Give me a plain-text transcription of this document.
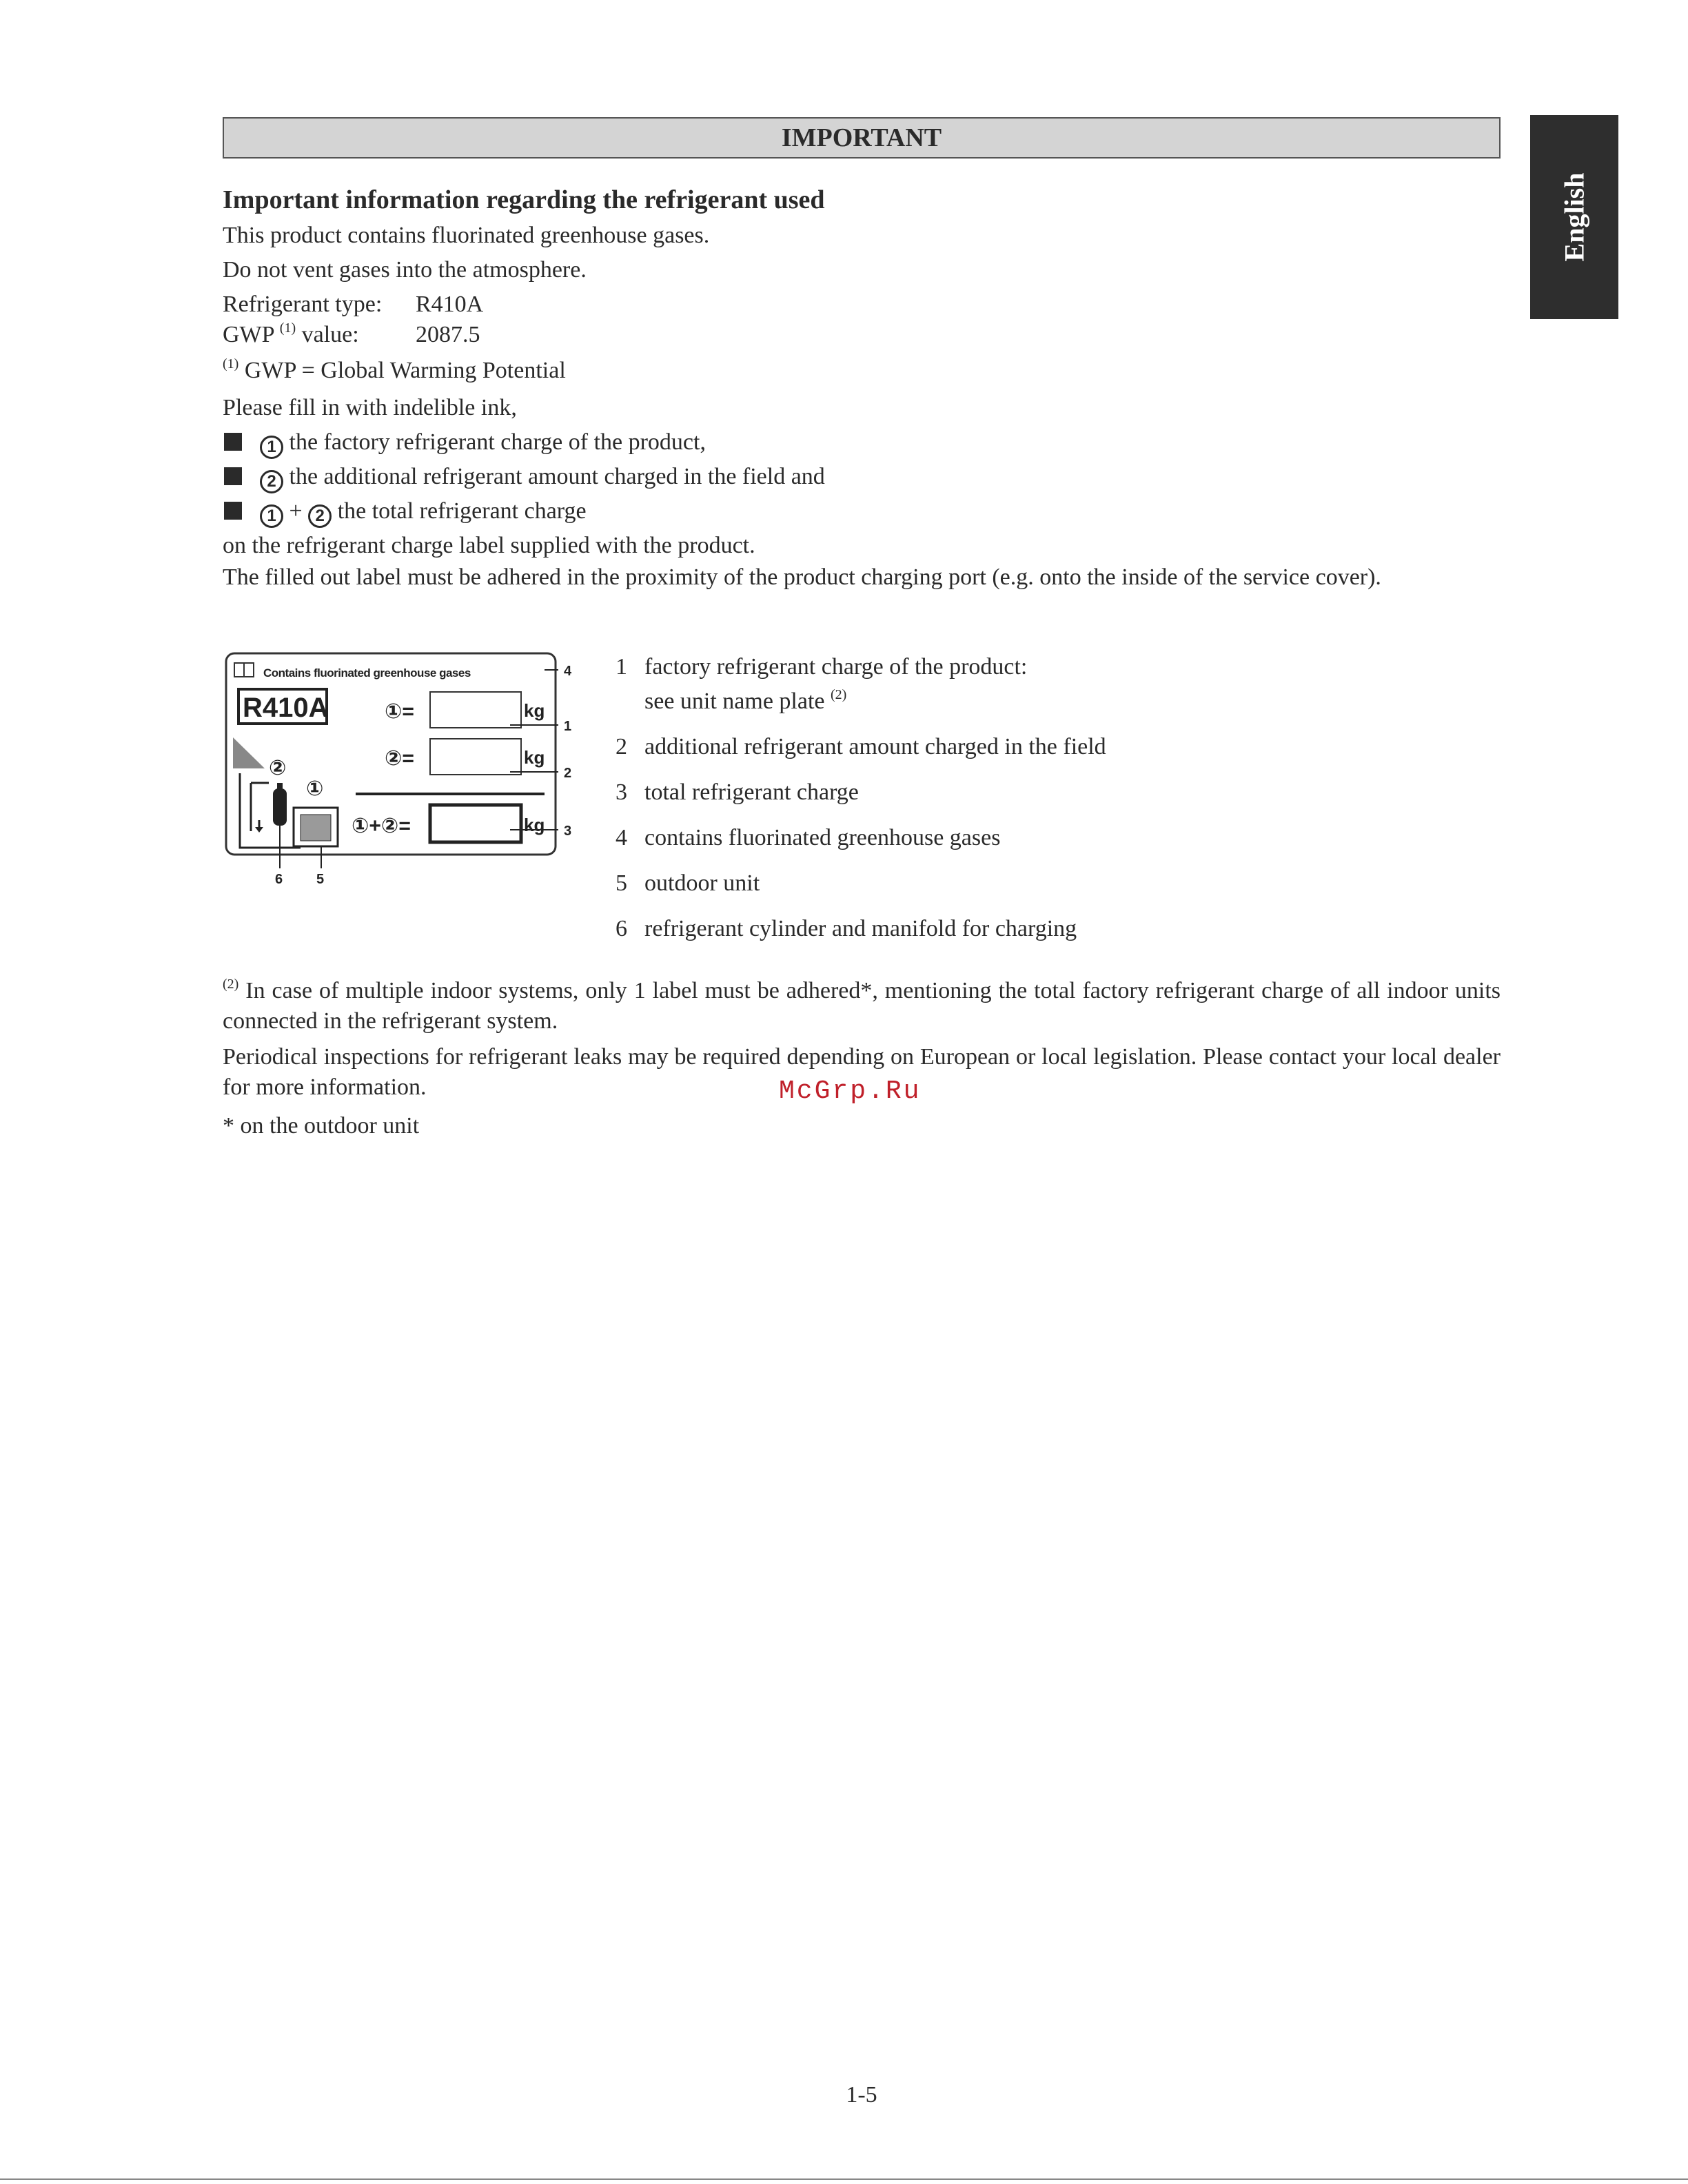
IMPORTANT
English
Important information regarding the refrigerant used
This product contains fluorinated greenhouse gases.
Do not vent gases into the atmosphere.
Refrigerant type: R410A
GWP $^{(1)}$ value: 2087.5
$^{(1)}$ GWP = Global Warming Potential
Please fill in with indelible ink,
1 the factory refrigerant charge of the product,
2 the additional refrigerant amount charged in the field and
1 + 2 the total refrigerant charge
on the refrigerant charge label supplied with the product.
The filled out label must be adhered in the proximity of the product charging port (e.g. onto the inside of the service cover).
Contains fluorinated greenhouse gases
R410A	①=	kg
②=	kg
①+②=	kg
②
①
4
1
2
3
6 5
1 factory refrigerant charge of the product:
see unit name plate $^{(2)}$
2 additional refrigerant amount charged in the field
3 total refrigerant charge
4 contains fluorinated greenhouse gases
5 outdoor unit
6 refrigerant cylinder and manifold for charging
$^{(2)}$ In case of multiple indoor systems, only 1 label must be adhered*, mentioning the total factory refrigerant charge of all indoor units connected in the refrigerant system.
Periodical inspections for refrigerant leaks may be required depending on European or local legislation. Please contact your local dealer for more information.
* on the outdoor unit
McGrp.Ru
1-5
